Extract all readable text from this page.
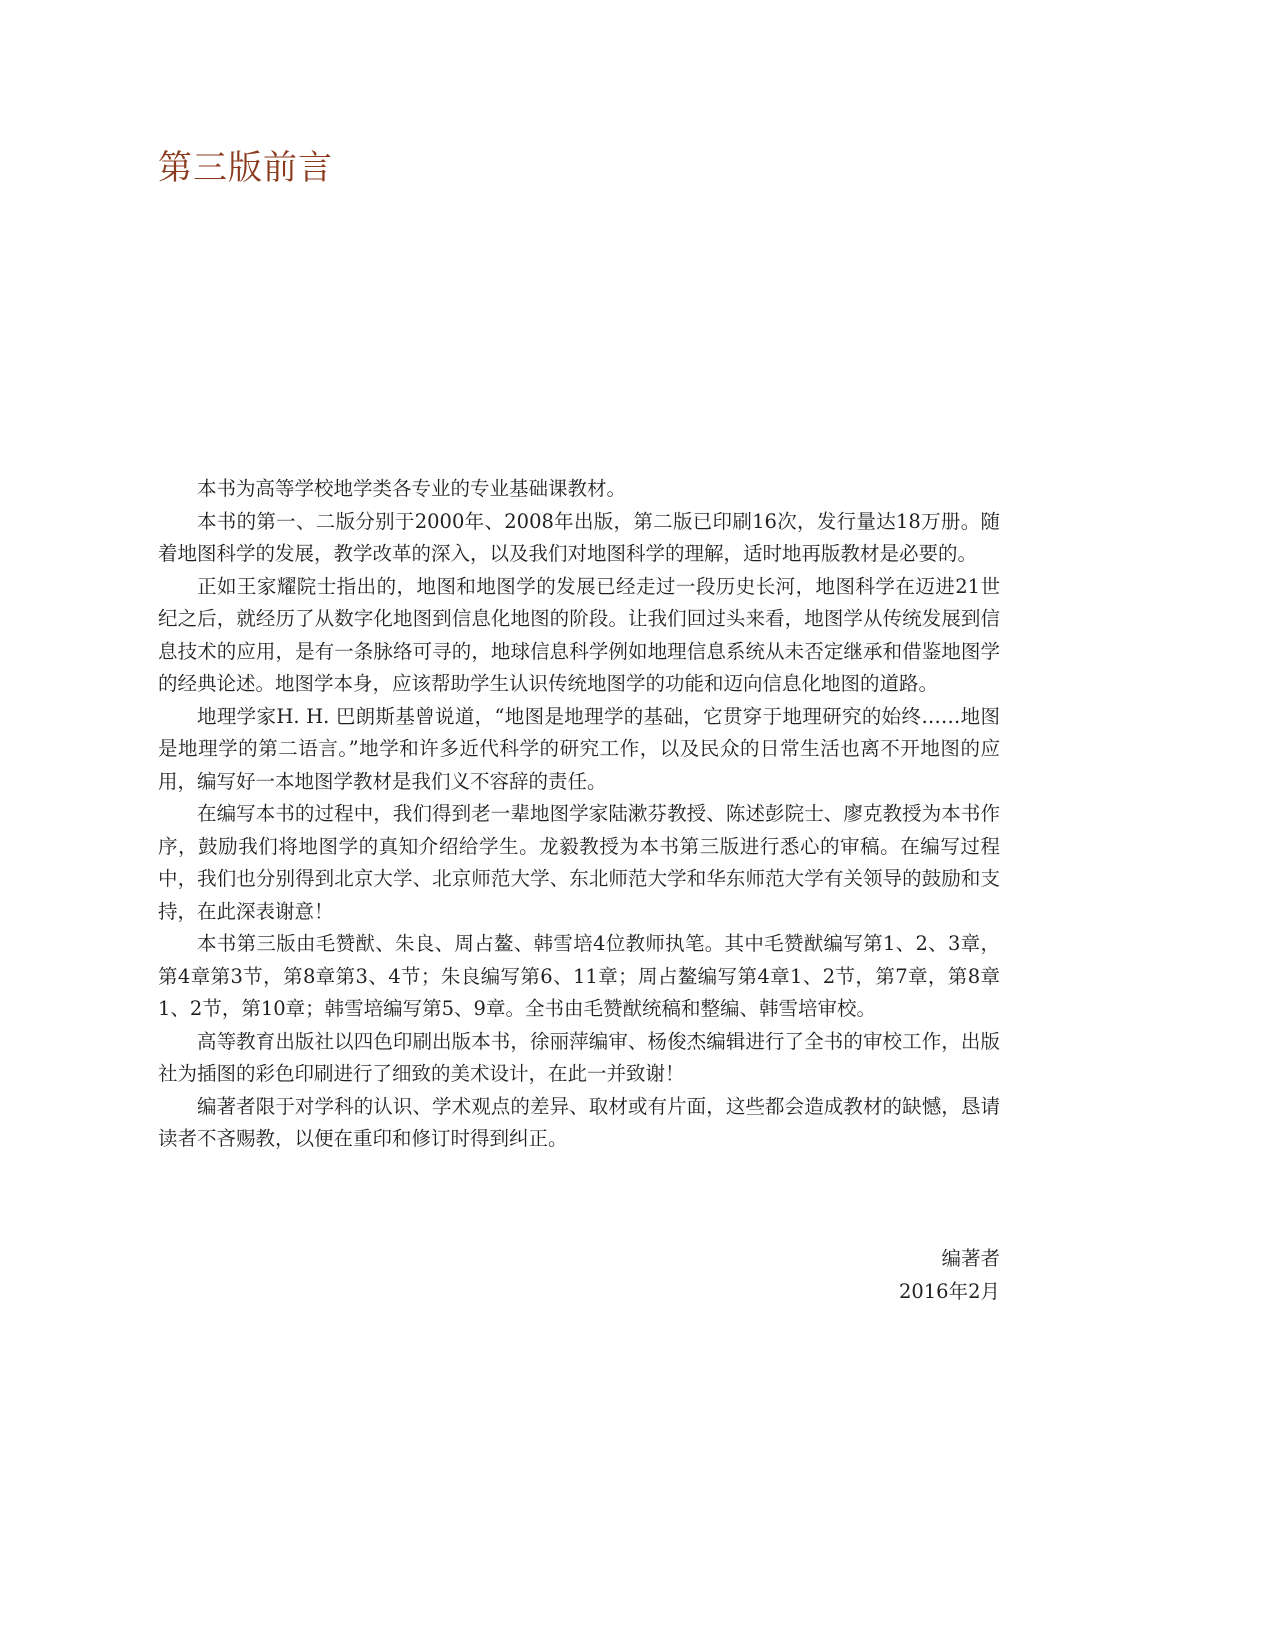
第三版前言

本书为高等学校地学类各专业的专业基础课教材。

本书的第一、二版分别于2000年、2008年出版，第二版已印刷16次，发行量达18万册。随着地图科学的发展，教学改革的深入，以及我们对地图科学的理解，适时地再版教材是必要的。

正如王家耀院士指出的，地图和地图学的发展已经走过一段历史长河，地图科学在迈进21世纪之后，就经历了从数字化地图到信息化地图的阶段。让我们回过头来看，地图学从传统发展到信息技术的应用，是有一条脉络可寻的，地球信息科学例如地理信息系统从未否定继承和借鉴地图学的经典论述。地图学本身，应该帮助学生认识传统地图学的功能和迈向信息化地图的道路。

地理学家H. H. 巴朗斯基曾说道，“地图是地理学的基础，它贯穿于地理研究的始终……地图是地理学的第二语言。”地学和许多近代科学的研究工作，以及民众的日常生活也离不开地图的应用，编写好一本地图学教材是我们义不容辞的责任。

在编写本书的过程中，我们得到老一辈地图学家陆漱芬教授、陈述彭院士、廖克教授为本书作序，鼓励我们将地图学的真知介绍给学生。龙毅教授为本书第三版进行悉心的审稿。在编写过程中，我们也分别得到北京大学、北京师范大学、东北师范大学和华东师范大学有关领导的鼓励和支持，在此深表谢意！

本书第三版由毛赞猷、朱良、周占鳌、韩雪培4位教师执笔。其中毛赞猷编写第1、2、3章，第4章第3节，第8章第3、4节；朱良编写第6、11章；周占鳌编写第4章1、2节，第7章，第8章1、2节，第10章；韩雪培编写第5、9章。全书由毛赞猷统稿和整编、韩雪培审校。

高等教育出版社以四色印刷出版本书，徐丽萍编审、杨俊杰编辑进行了全书的审校工作，出版社为插图的彩色印刷进行了细致的美术设计，在此一并致谢！

编著者限于对学科的认识、学术观点的差异、取材或有片面，这些都会造成教材的缺憾，恳请读者不吝赐教，以便在重印和修订时得到纠正。

编著者
2016年2月
